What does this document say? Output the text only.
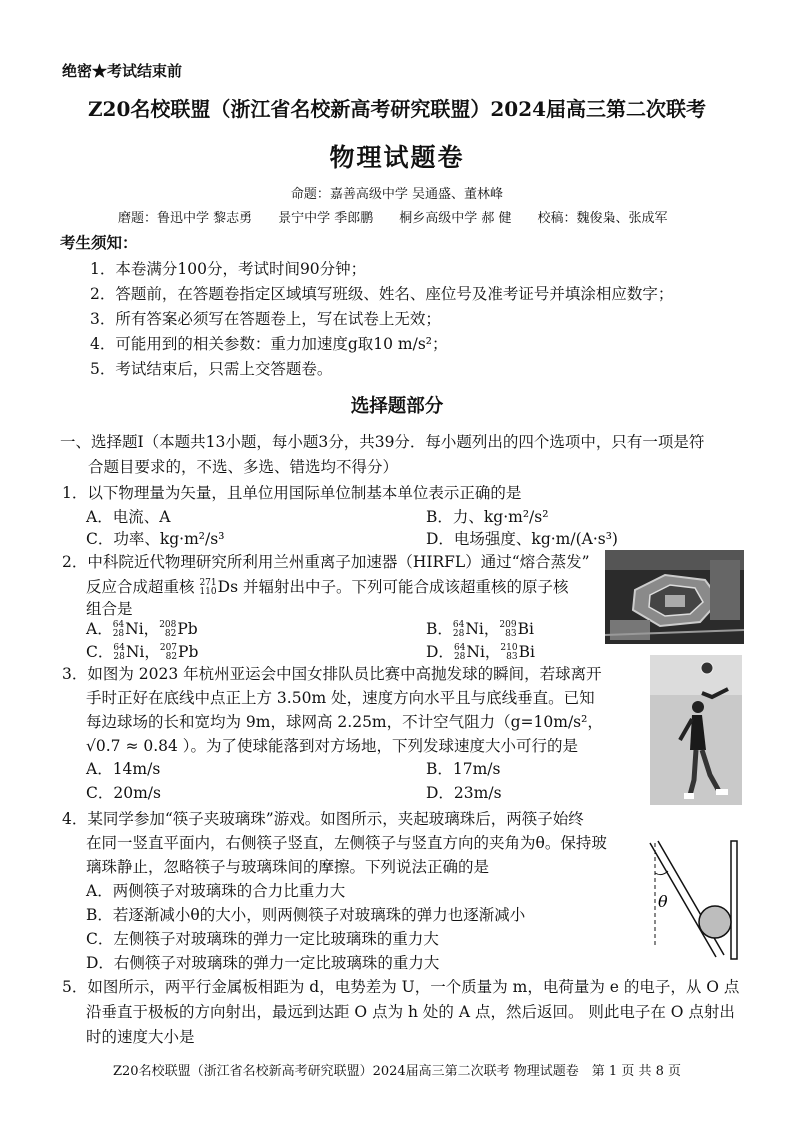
绝密★考试结束前
Z20名校联盟（浙江省名校新高考研究联盟）2024届高三第二次联考
物理试题卷
命题：嘉善高级中学 吴通盛、董林峰
磨题：鲁迅中学 黎志勇　　景宁中学 季郎鹏　　桐乡高级中学 郝 健　　校稿：魏俊枭、张成军
考生须知：
1．本卷满分100分，考试时间90分钟；
2．答题前，在答题卷指定区域填写班级、姓名、座位号及准考证号并填涂相应数字；
3．所有答案必须写在答题卷上，写在试卷上无效；
4．可能用到的相关参数：重力加速度g取10 m/s²；
5．考试结束后，只需上交答题卷。
选择题部分
一、选择题Ⅰ（本题共13小题，每小题3分，共39分．每小题列出的四个选项中，只有一项是符
合题目要求的，不选、多选、错选均不得分）
1．以下物理量为矢量，且单位用国际单位制基本单位表示正确的是
A．电流、A	B．力、kg·m²/s²
C．功率、kg·m²/s³	D．电场强度、kg·m/(A·s³)
2．中科院近代物理研究所利用兰州重离子加速器（HIRFL）通过“熔合蒸发”
反应合成超重核 271
110 Ds 并辐射出中子。下列可能合成该超重核的原子核
组合是
A． 64
28 Ni， 208
82 Pb	B． 64
28 Ni， 209
83 Bi
C． 64
28 Ni， 207
82 Pb	D． 64
28 Ni， 210
83 Bi
3．如图为 2023 年杭州亚运会中国女排队员比赛中高抛发球的瞬间，若球离开
手时正好在底线中点正上方 3.50m 处，速度方向水平且与底线垂直。已知
每边球场的长和宽均为 9m，球网高 2.25m，不计空气阻力（g=10m/s²，
√0.7 ≈ 0.84 ）。为了使球能落到对方场地，下列发球速度大小可行的是
A．14m/s	B．17m/s
C．20m/s	D．23m/s
4．某同学参加“筷子夹玻璃珠”游戏。如图所示，夹起玻璃珠后，两筷子始终
在同一竖直平面内，右侧筷子竖直，左侧筷子与竖直方向的夹角为θ。保持玻
璃珠静止，忽略筷子与玻璃珠间的摩擦。下列说法正确的是
A．两侧筷子对玻璃珠的合力比重力大
B．若逐渐减小θ的大小，则两侧筷子对玻璃珠的弹力也逐渐减小
C．左侧筷子对玻璃珠的弹力一定比玻璃珠的重力大
D．右侧筷子对玻璃珠的弹力一定比玻璃珠的重力大
θ
5．如图所示，两平行金属板相距为 d，电势差为 U，一个质量为 m，电荷量为 e 的电子，从 O 点
沿垂直于极板的方向射出，最远到达距 O 点为 h 处的 A 点，然后返回。 则此电子在 O 点射出
时的速度大小是
Z20名校联盟（浙江省名校新高考研究联盟）2024届高三第二次联考 物理试题卷　第 1 页 共 8 页
